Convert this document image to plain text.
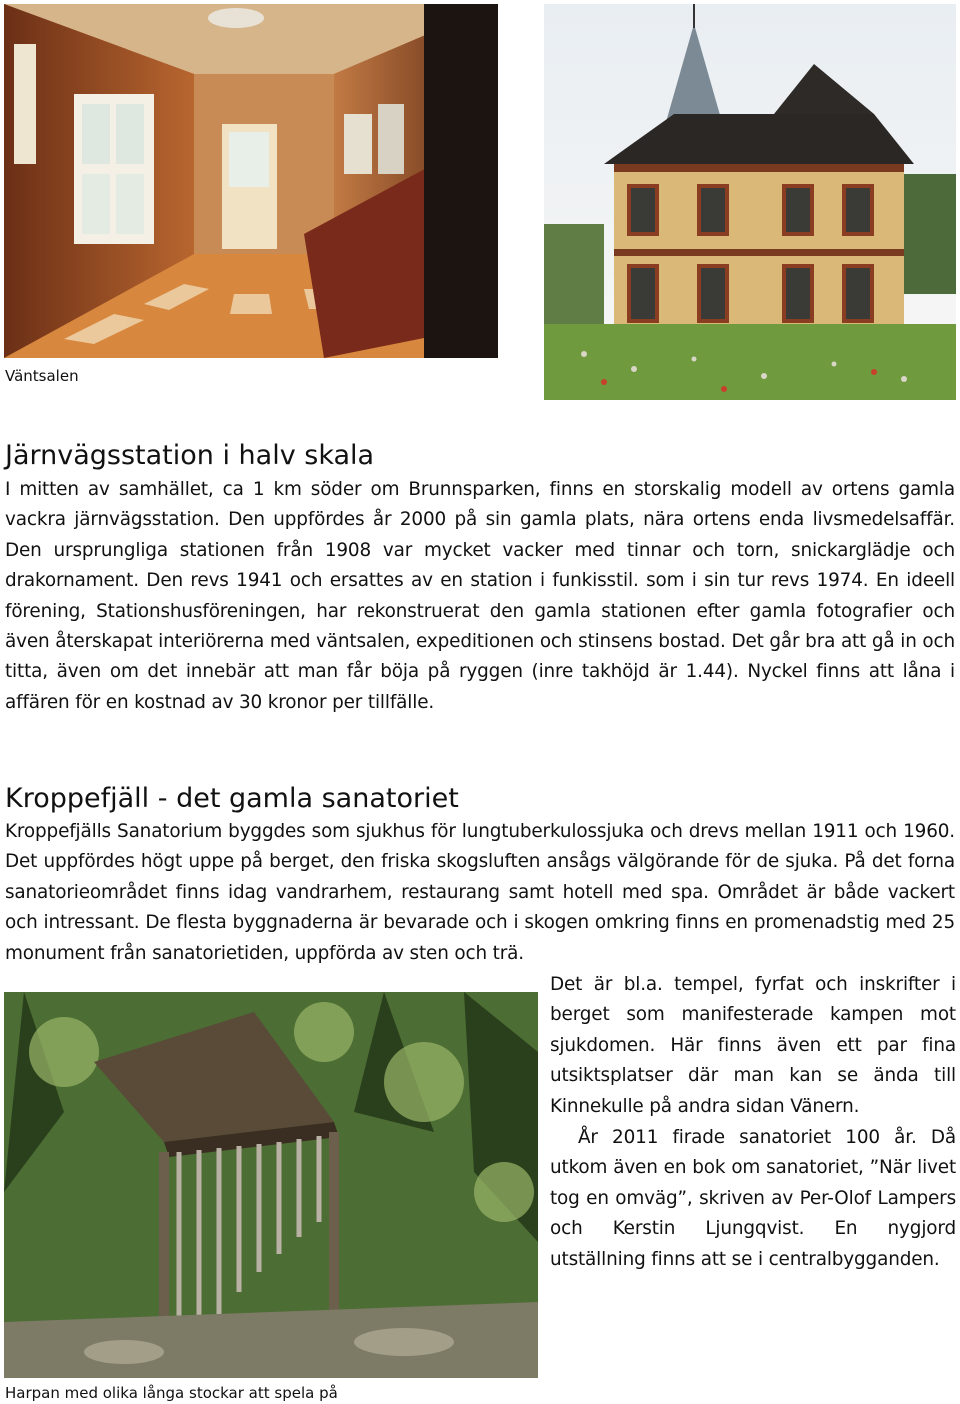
Väntsalen
Järnvägsstation i halv skala

I mitten av samhället, ca 1 km söder om Brunnsparken, finns en storskalig modell av ortens gamla vackra järnvägsstation. Den uppfördes år 2000 på sin gamla plats, nära ortens enda livsmedelsaffär. Den ursprungliga stationen från 1908 var mycket vacker med tinnar och torn, snickarglädje och drakornament. Den revs 1941 och ersattes av en station i funkisstil. som i sin tur revs 1974. En ideell förening, Stationshusföreningen, har rekonstruerat den gamla stationen efter gamla fotografier och även återskapat interiörerna med väntsalen, expeditionen och stinsens bostad. Det går bra att gå in och titta, även om det innebär att man får böja på ryggen (inre takhöjd är 1.44). Nyckel finns att låna i affären för en kostnad av 30 kronor per tillfälle.

Kroppefjäll - det gamla sanatoriet

Kroppefjälls Sanatorium byggdes som sjukhus för lungtuberkulossjuka och drevs mellan 1911 och 1960. Det uppfördes högt uppe på berget, den friska skogsluften ansågs välgörande för de sjuka. På det forna sanatorieområdet finns idag vandrarhem, restaurang samt hotell med spa. Området är både vackert och intressant. De flesta byggnaderna är bevarade och i skogen omkring finns en promenadstig med 25 monument från sanatorietiden, uppförda av sten och trä.

Det är bl.a. tempel, fyrfat och inskrifter i berget som manifesterade kampen mot sjukdomen. Här finns även ett par fina utsiktsplatser där man kan se ända till Kinnekulle på andra sidan Vänern.

År 2011 firade sanatoriet 100 år. Då utkom även en bok om sanatoriet, ”När livet tog en omväg”, skriven av Per-Olof Lampers och Kerstin Ljungqvist. En nygjord utställning finns att se i centralbygganden.

Harpan med olika långa stockar att spela på
